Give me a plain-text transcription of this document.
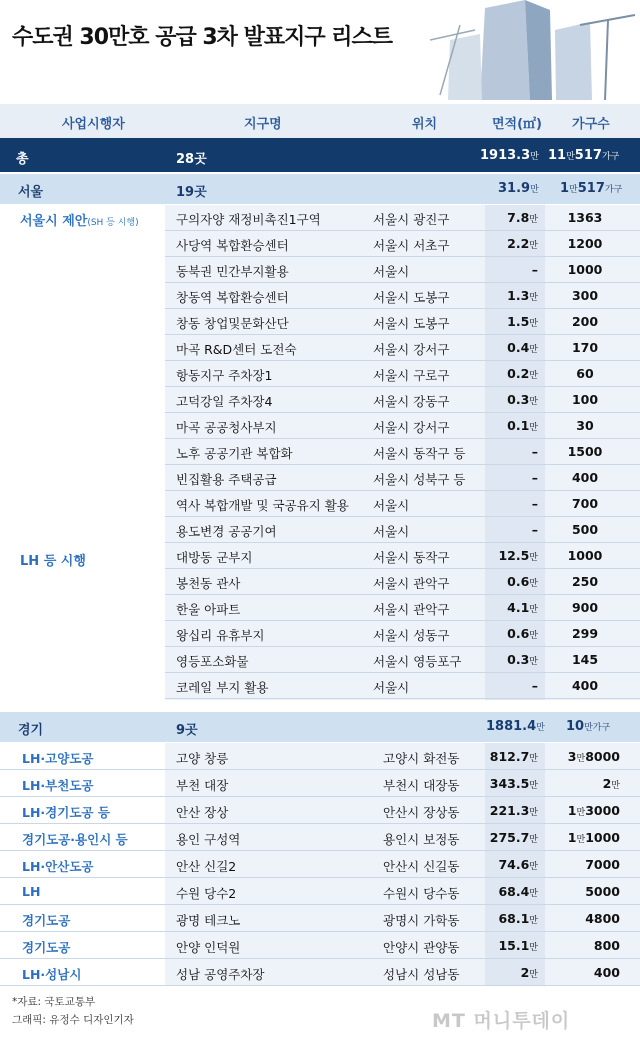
수도권 30만호 공급 3차 발표지구 리스트
사업시행자	지구명	위치	면적(㎡) 가구수
총	28곳	1913.3만 11만517가구
서울	19곳	31.9만 1만517가구
서울시 제안(SH 등 시행)
LH 등 시행
구의자양 재정비촉진1구역	서울시 광진구	7.8만	1363
사당역 복합환승센터	서울시 서초구	2.2만	1200
동북권 민간부지활용	서울시	–	1000
창동역 복합환승센터	서울시 도봉구	1.3만	300
창동 창업및문화산단	서울시 도봉구	1.5만	200
마곡 R&D센터 도전숙	서울시 강서구	0.4만	170
항동지구 주차장1	서울시 구로구	0.2만	60
고덕강일 주차장4	서울시 강동구	0.3만	100
마곡 공공청사부지	서울시 강서구	0.1만	30
노후 공공기관 복합화	서울시 동작구 등	–	1500
빈집활용 주택공급	서울시 성북구 등	–	400
역사 복합개발 및 국공유지 활용 서울시	–	700
용도변경 공공기여	서울시	–	500
대방동 군부지	서울시 동작구	12.5만	1000
봉천동 관사	서울시 관악구	0.6만	250
한울 아파트	서울시 관악구	4.1만	900
왕십리 유휴부지	서울시 성동구	0.6만	299
영등포소화물	서울시 영등포구	0.3만	145
코레일 부지 활용	서울시	–	400
경기	9곳	1881.4만 10만가구
LH·고양도공	고양 창릉	고양시 화전동 812.7만	3만8000
LH·부천도공	부천 대장	부천시 대장동 343.5만	2만
LH·경기도공 등	안산 장상	안산시 장상동 221.3만	1만3000
경기도공·용인시 등	용인 구성역	용인시 보정동 275.7만	1만1000
LH·안산도공	안산 신길2	안산시 신길동	74.6만	7000
LH	수원 당수2	수원시 당수동	68.4만	5000
경기도공	광명 테크노	광명시 가학동	68.1만	4800
경기도공	안양 인덕원	안양시 관양동	15.1만	800
LH·성남시	성남 공영주차장	성남시 성남동	2만	400
*자료: 국토교통부
그래픽: 유정수 디자인기자	MT 머니투데이
